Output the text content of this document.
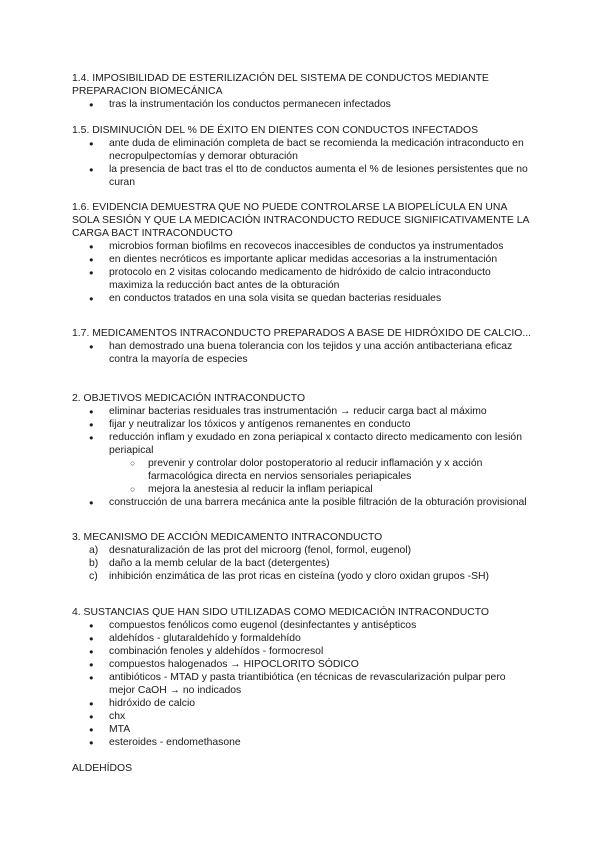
1.4. IMPOSIBILIDAD DE ESTERILIZACIÓN DEL SISTEMA DE CONDUCTOS MEDIANTE PREPARACION BIOMECÁNICA

● tras la instrumentación los conductos permanecen infectados

1.5. DISMINUCIÓN DEL % DE ÉXITO EN DIENTES CON CONDUCTOS INFECTADOS

● ante duda de eliminación completa de bact se recomienda la medicación intraconducto en necropulpectomías y demorar obturación
● la presencia de bact tras el tto de conductos aumenta el % de lesiones persistentes que no curan

1.6. EVIDENCIA DEMUESTRA QUE NO PUEDE CONTROLARSE LA BIOPELÍCULA EN UNA SOLA SESIÓN Y QUE LA MEDICACIÓN INTRACONDUCTO REDUCE SIGNIFICATIVAMENTE LA CARGA BACT INTRACONDUCTO

● microbios forman biofilms en recovecos inaccesibles de conductos ya instrumentados
● en dientes necróticos es importante aplicar medidas accesorias a la instrumentación
● protocolo en 2 visitas colocando medicamento de hidróxido de calcio intraconducto maximiza la reducción bact antes de la obturación
● en conductos tratados en una sola visita se quedan bacterias residuales

1.7. MEDICAMENTOS INTRACONDUCTO PREPARADOS A BASE DE HIDRÓXIDO DE CALCIO...

● han demostrado una buena tolerancia con los tejidos y una acción antibacteriana eficaz contra la mayoría de especies

2. OBJETIVOS MEDICACIÓN INTRACONDUCTO

● eliminar bacterias residuales tras instrumentación → reducir carga bact al máximo
● fijar y neutralizar los tóxicos y antígenos remanentes en conducto
● reducción inflam y exudado en zona periapical x contacto directo medicamento con lesión periapical
○ prevenir y controlar dolor postoperatorio al reducir inflamación y x acción farmacológica directa en nervios sensoriales periapicales
○ mejora la anestesia al reducir la inflam periapical
● construcción de una barrera mecánica ante la posible filtración de la obturación provisional

3. MECANISMO DE ACCIÓN MEDICAMENTO INTRACONDUCTO

a) desnaturalización de las prot del microorg (fenol, formol, eugenol)
b) daño a la memb celular de la bact (detergentes)
c) inhibición enzimática de las prot ricas en cisteína (yodo y cloro oxidan grupos -SH)

4. SUSTANCIAS QUE HAN SIDO UTILIZADAS COMO MEDICACIÓN INTRACONDUCTO

● compuestos fenólicos como eugenol (desinfectantes y antisépticos
● aldehídos - glutaraldehído y formaldehído
● combinación fenoles y aldehídos - formocresol
● compuestos halogenados → HIPOCLORITO SÓDICO
● antibióticos - MTAD y pasta triantibiótica (en técnicas de revascularización pulpar pero mejor CaOH → no indicados
● hidróxido de calcio
● chx
● MTA
● esteroides - endomethasone

ALDEHÍDOS
